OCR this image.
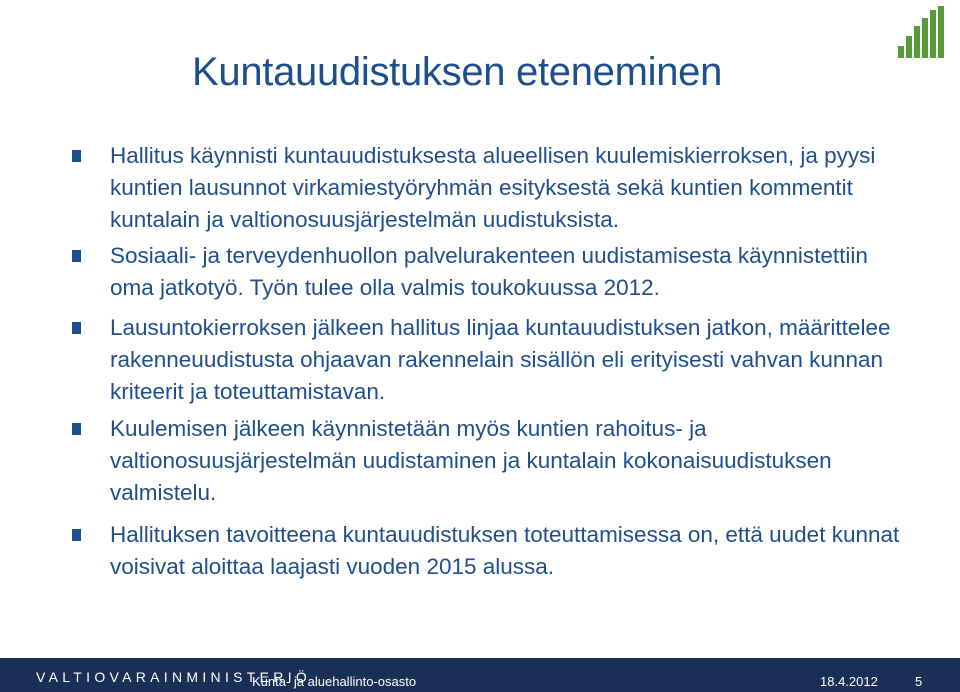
Kuntauudistuksen eteneminen
Hallitus käynnisti kuntauudistuksesta alueellisen kuulemiskierroksen, ja pyysi kuntien lausunnot virkamiestyöryhmän esityksestä sekä kuntien kommentit kuntalain ja valtionosuusjärjestelmän uudistuksista.
Sosiaali- ja terveydenhuollon palvelurakenteen uudistamisesta käynnistettiin oma jatkotyö. Työn tulee olla valmis toukokuussa 2012.
Lausuntokierroksen jälkeen hallitus linjaa kuntauudistuksen jatkon, määrittelee rakenneuudistusta ohjaavan rakennelain sisällön eli erityisesti vahvan kunnan kriteerit ja toteuttamistavan.
Kuulemisen jälkeen käynnistetään myös kuntien rahoitus- ja valtionosuusjärjestelmän uudistaminen ja kuntalain kokonaisuudistuksen valmistelu.
Hallituksen tavoitteena kuntauudistuksen toteuttamisessa on, että uudet kunnat voisivat aloittaa laajasti vuoden 2015 alussa.
VALTIOVARAINMINISTERIÖ
Kunta- ja aluehallinto-osasto	18.4.2012	5
